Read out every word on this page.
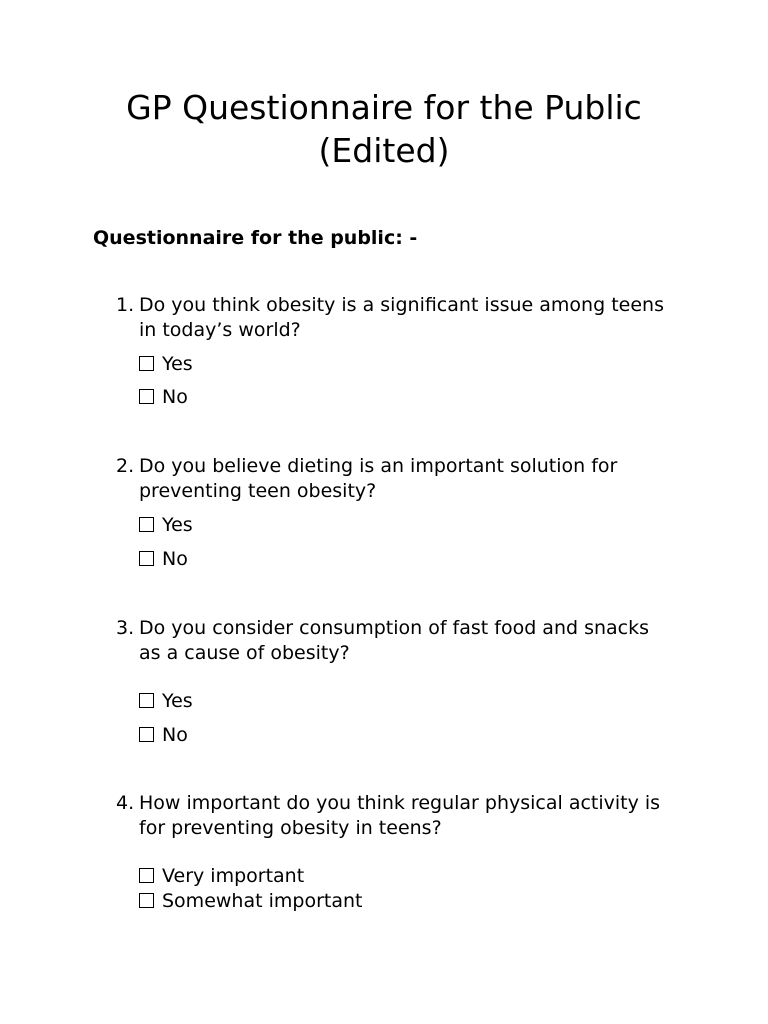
GP Questionnaire for the Public (Edited)

Questionnaire for the public: -

1. Do you think obesity is a significant issue among teens in today’s world?
Yes
No
2. Do you believe dieting is an important solution for preventing teen obesity?
Yes
No
3. Do you consider consumption of fast food and snacks as a cause of obesity?
Yes
No
4. How important do you think regular physical activity is for preventing obesity in teens?
Very important
Somewhat important
